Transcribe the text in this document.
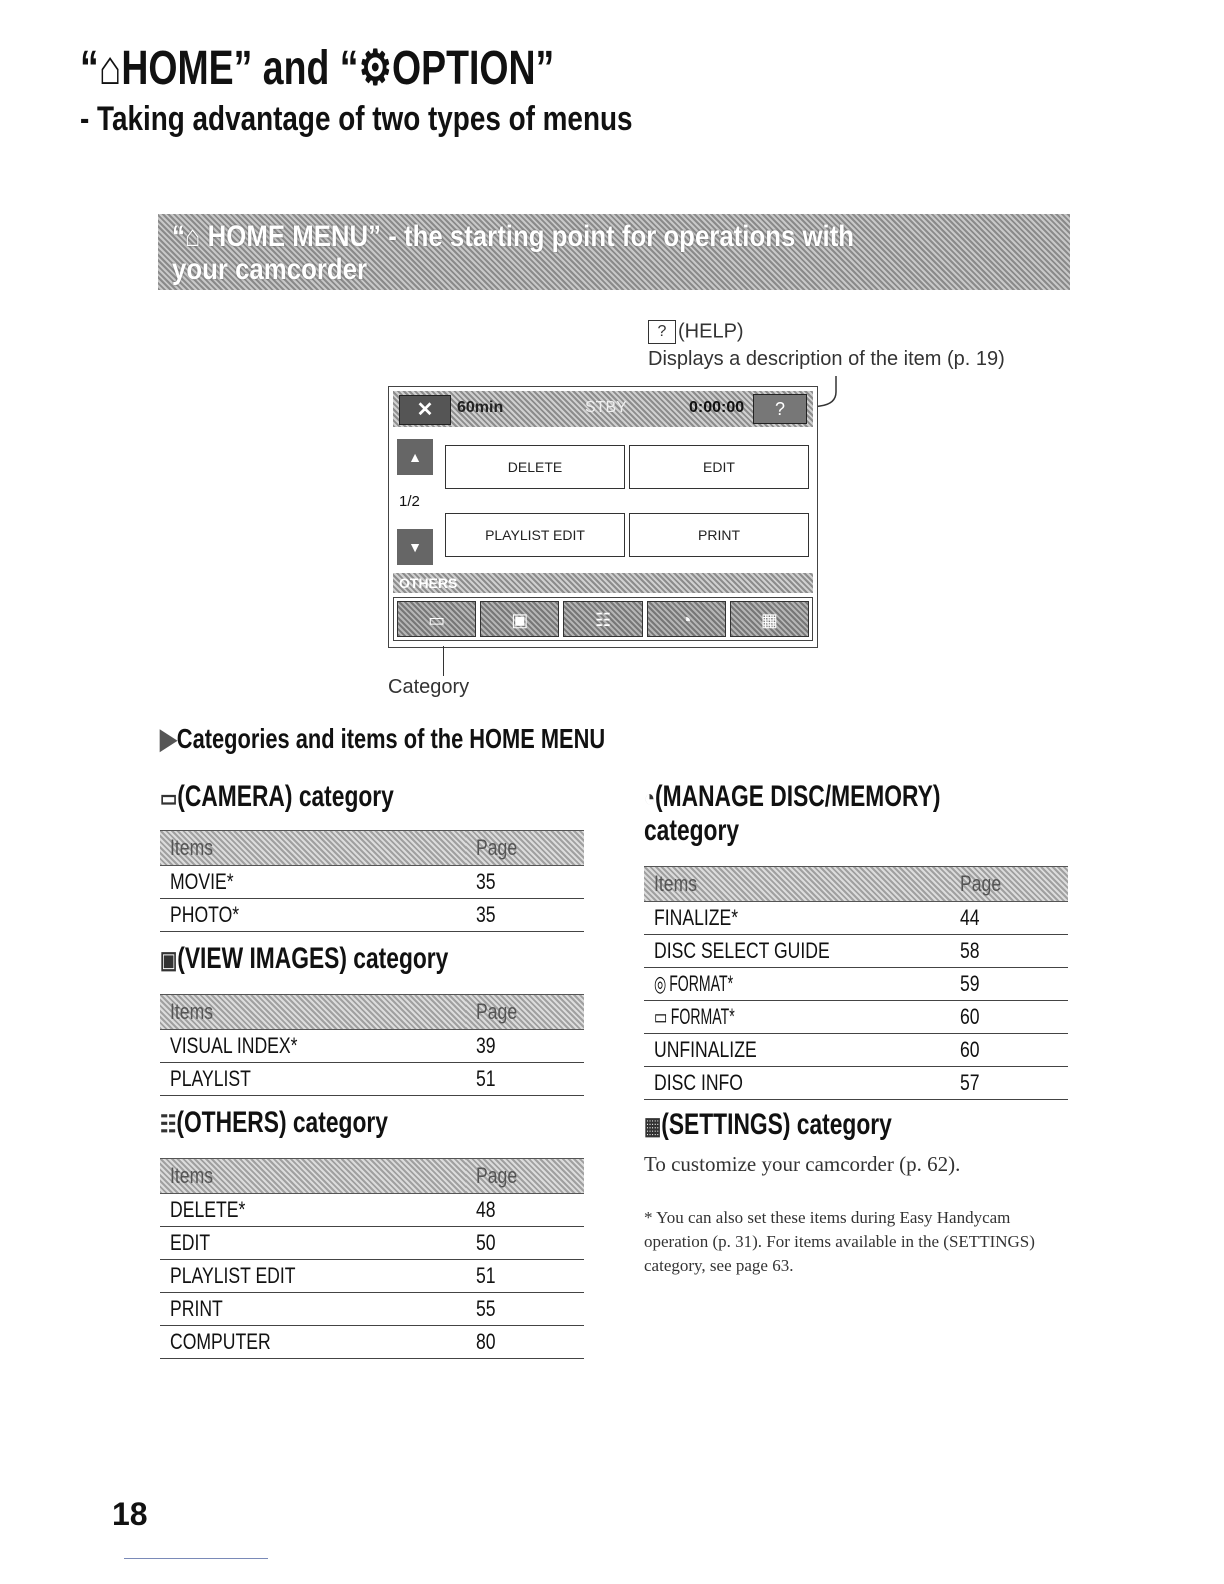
“⌂HOME” and “⚙OPTION”
- Taking advantage of two types of menus
“⌂ HOME MENU” - the starting point for operations with your camcorder
? (HELP)
Displays a description of the item (p. 19)
✕	60min	STBY	0:00:00	?
▲
1/2
▼
DELETE	EDIT
PLAYLIST EDIT	PRINT
OTHERS
▭	▣	☷	◔	▦
Category
▶Categories and items of the HOME MENU
▭(CAMERA) category
Items	Page
MOVIE*	35
PHOTO*	35
▣(VIEW IMAGES) category
Items	Page
VISUAL INDEX*	39
PLAYLIST	51
☷(OTHERS) category
Items	Page
DELETE*	48
EDIT	50
PLAYLIST EDIT	51
PRINT	55
COMPUTER	80
◔(MANAGE DISC/MEMORY)
category
Items	Page
FINALIZE*	44
DISC SELECT GUIDE	58
◎FORMAT*	59
▭FORMAT*	60
UNFINALIZE	60
DISC INFO	57
▦(SETTINGS) category
To customize your camcorder (p. 62).
* You can also set these items during Easy Handycam operation (p. 31). For items available in the (SETTINGS) category, see page 63.
18
